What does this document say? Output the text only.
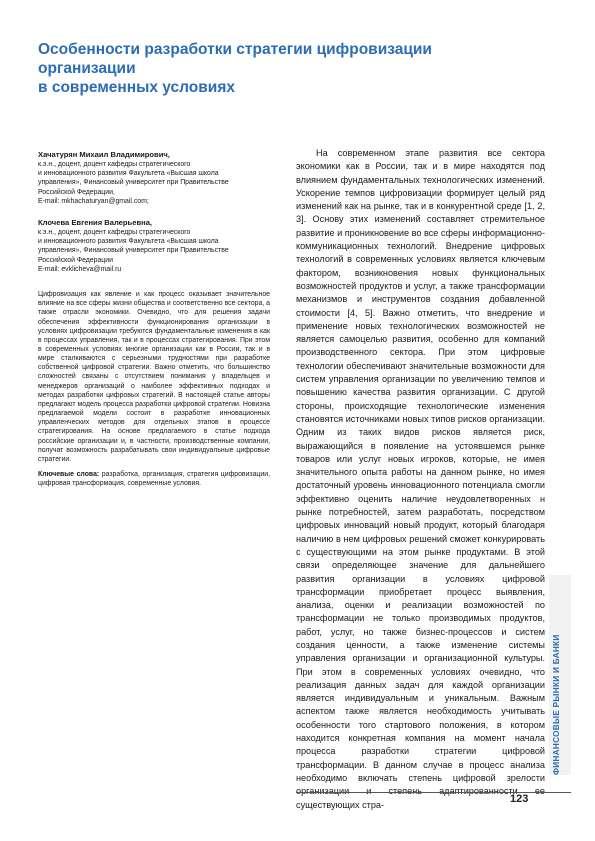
Особенности разработки стратегии цифровизации организации
в современных условиях

Хачатурян Михаил Владимирович,

к.э.н., доцент, доцент кафедры стратегического
и инновационного развития Факультета «Высшая школа
управления», Финансовый университет при Правительстве
Российской Федерации,
E-mail: mkhachaturyan@gmail.com;

Клочева Евгения Валерьевна,

к.э.н., доцент, доцент кафедры стратегического
и инновационного развития Факультета «Высшая школа
управления», Финансовый университет при Правительстве
Российской Федерации
E-mail: evklicheva@mail.ru

Цифровизация как явление и как процесс оказывает значительное влияние на все сферы жизни общества и соответственно все сектора, а также отрасли экономики. Очевидно, что для решения задачи обеспечения эффективности функционирования организации в условиях цифровизации требуются фундаментальные изменения в как в процессах управления, так и в процессах стратегирования. При этом в современных условиях многие организации как в России, так и в мире сталкиваются с серьезными трудностями при разработке собственной цифровой стратегии. Важно отметить, что большинство сложностей связаны с отсутствием понимания у владельцев и менеджеров организаций о наиболее эффективных подходах и методах разработки цифровых стратегий. В настоящей статье авторы предлагают модель процесса разработки цифровой стратегии. Новизна предлагаемой модели состоит в разработке инновационных управленческих методов для отдельных этапов в процессе стратегирования. На основе предлагаемого в статье подхода российские организации и, в частности, производственные компании, получат возможность разрабатывать свои индивидуальные цифровые стратегии.

Ключевые слова: разработка, организация, стратегия цифровизации, цифровая трансформация, современные условия.

На современном этапе развития все сектора экономики как в России, так и в мире находятся под влиянием фундаментальных технологических изменений. Ускорение темпов цифровизации формирует целый ряд изменений как на рынке, так и в конкурентной среде [1, 2, 3]. Основу этих изменений составляет стремительное развитие и проникновение во все сферы информационно-коммуникационных технологий. Внедрение цифровых технологий в современных условиях является ключевым фактором, возникновения новых функциональных возможностей продуктов и услуг, а также трансформации механизмов и инструментов создания добавленной стоимости [4, 5]. Важно отметить, что внедрение и применение новых технологических возможностей не является самоцелью развития, особенно для компаний производственного сектора. При этом цифровые технологии обеспечивают значительные возможности для систем управления организации по увеличению темпов и повышению качества развития организации. С другой стороны, происходящие технологические изменения становятся источниками новых типов рисков организации. Одним из таких видов рисков является риск, выражающийся в появление на устоявшемся рынке товаров или услуг новых игроков, которые, не имея значительного опыта работы на данном рынке, но имея достаточный уровень инновационного потенциала смогли эффективно оценить наличие неудовлетворенных н рынке потребностей, затем разработать, посредством цифровых инноваций новый продукт, который благодаря наличию в нем цифровых решений сможет конкурировать с существующими на этом рынке продуктами. В этой связи определяющее значение для дальнейшего развития организации в условиях цифровой трансформации приобретает процесс выявления, анализа, оценки и реализации возможностей по трансформации не только производимых продуктов, работ, услуг, но также бизнес-процессов и систем создания ценности, а также изменение системы управления организации и организационной культуры. При этом в современных условиях очевидно, что реализация данных задач для каждой организации является индивидуальным и уникальным. Важным аспектом также является необходимость учитывать особенности того стартового положения, в котором находится конкретная компания на момент начала процесса разработки стратегии цифровой трансформации. В данном случае в процесс анализа необходимо включать степень цифровой зрелости существующих стра-

ФИНАНСОВЫЕ РЫНКИ И БАНКИ
123
